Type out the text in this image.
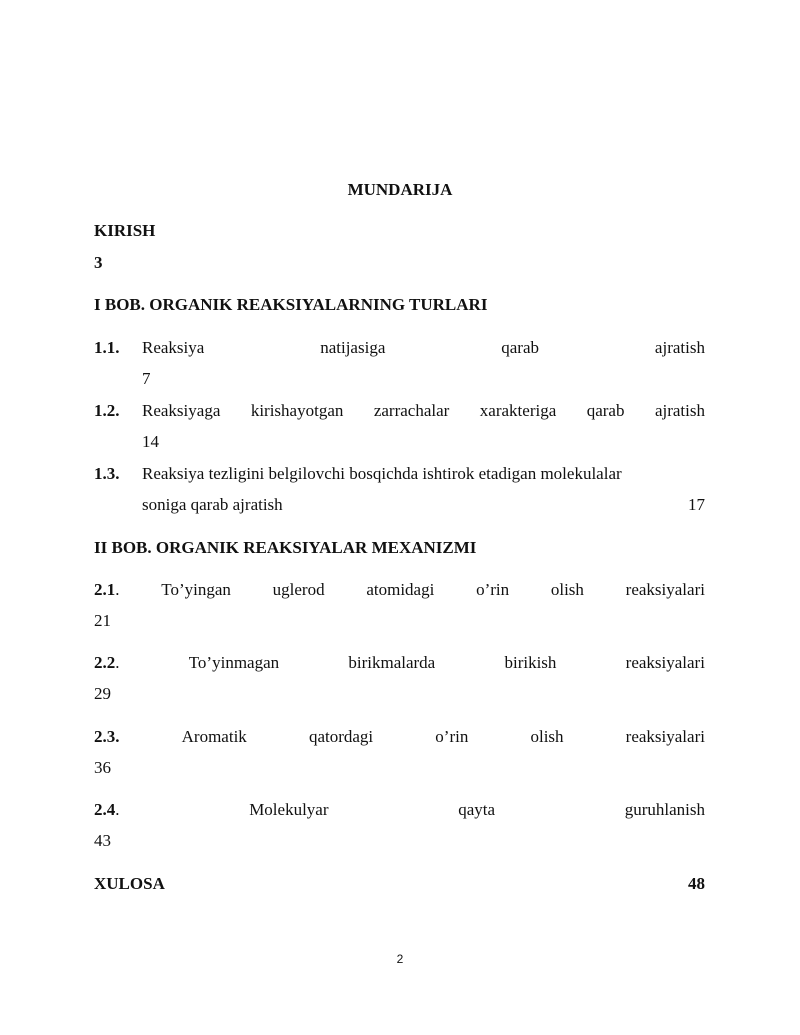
MUNDARIJA
KIRISH
3
I BOB. ORGANIK REAKSIYALARNING TURLARI
1.1. Reaksiya	natijasiga	qarab	ajratish
7
1.2. Reaksiyaga kirishayotgan zarrachalar xarakteriga qarab ajratish
14
1.3. Reaksiya tezligini belgilovchi bosqichda ishtirok etadigan molekulalar
soniga qarab ajratish	17
II BOB. ORGANIK REAKSIYALAR MEXANIZMI
2.1. To’yingan uglerod atomidagi o’rin olish reaksiyalari
21
2.2.	To’yinmagan	birikmalarda	birikish	reaksiyalari
29
2.3.	Aromatik	qatordagi	o’rin	olish	reaksiyalari
36
2.4.	Molekulyar	qayta	guruhlanish
43
XULOSA	48
2
